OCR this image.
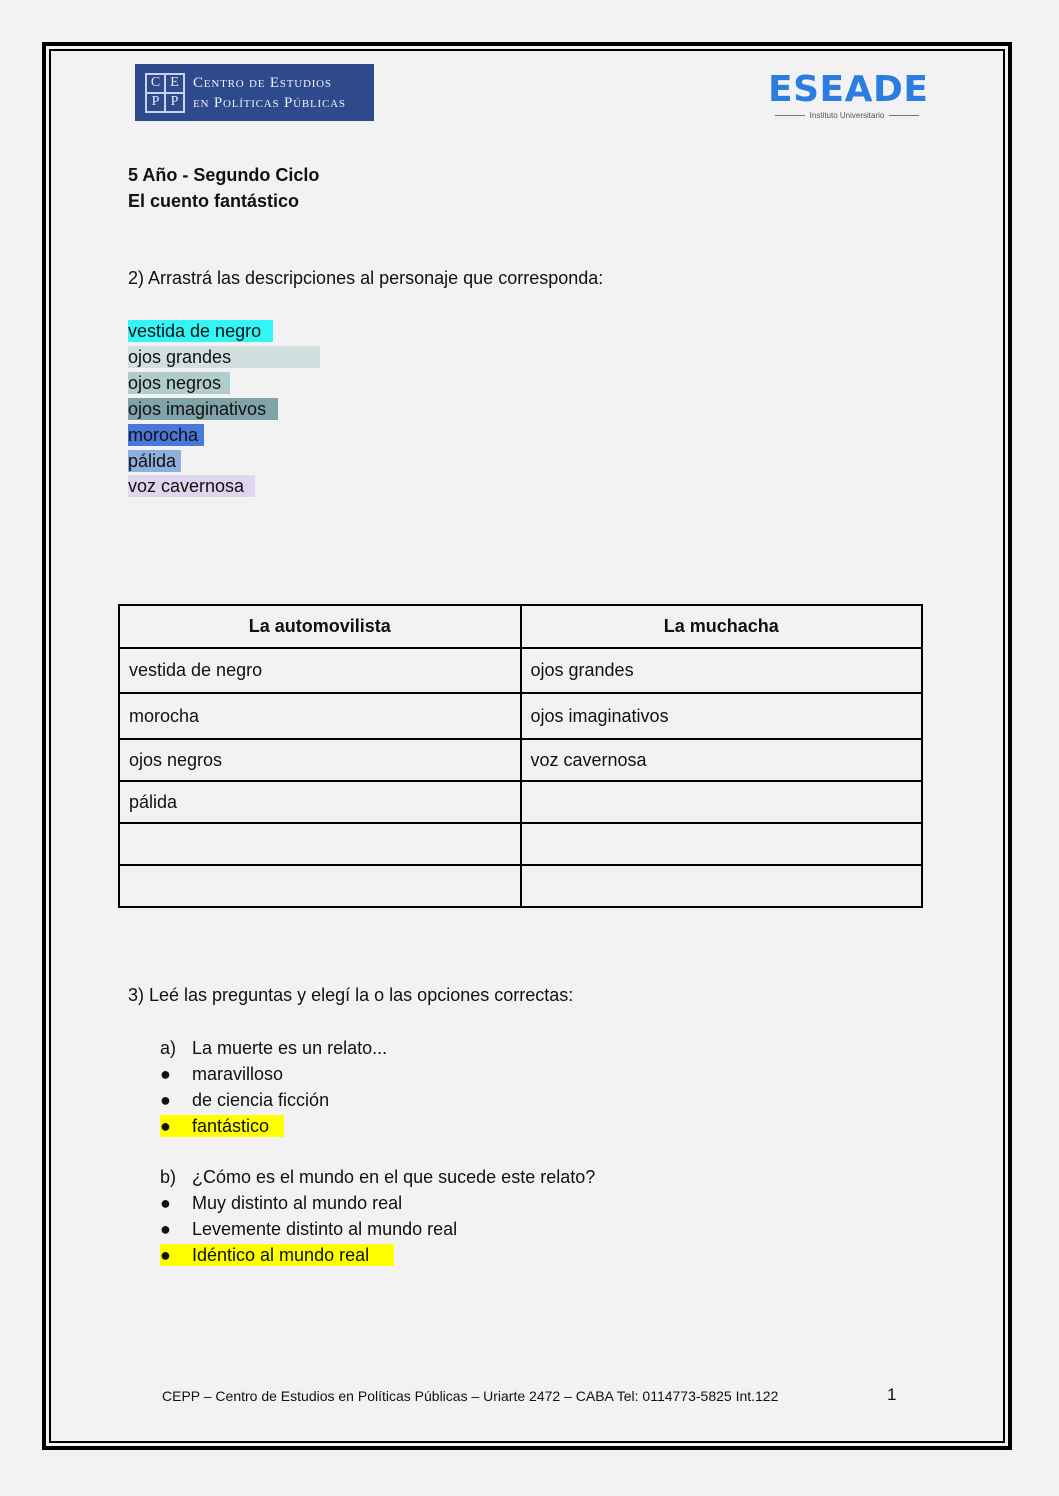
C E
P P
Centro de Estudios
en Políticas Públicas	ESEADE
Instituto Universitario
5 Año - Segundo Ciclo
El cuento fantástico
2) Arrastrá las descripciones al personaje que corresponda:
vestida de negro
ojos grandes
ojos negros
ojos imaginativos
morocha
pálida
voz cavernosa
La automovilista	La muchacha
vestida de negro	ojos grandes
morocha	ojos imaginativos
ojos negros	voz cavernosa
pálida	

3) Leé las preguntas y elegí la o las opciones correctas:
a) La muerte es un relato...
● maravilloso
● de ciencia ficción
● fantástico
b) ¿Cómo es el mundo en el que sucede este relato?
● Muy distinto al mundo real
● Levemente distinto al mundo real
● Idéntico al mundo real
CEPP – Centro de Estudios en Políticas Públicas – Uriarte 2472 – CABA Tel: 0114773-5825 Int.122	1
